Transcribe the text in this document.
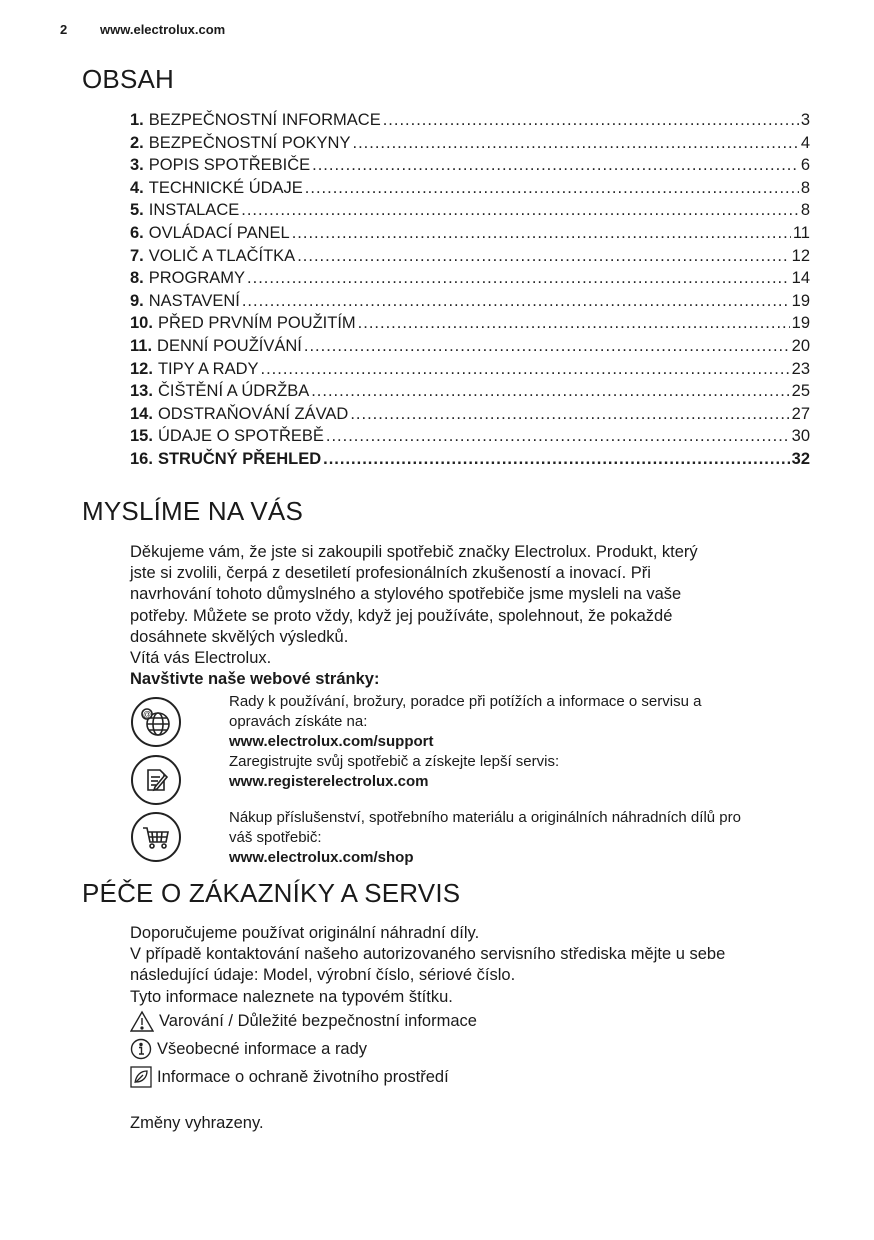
2	www.electrolux.com
OBSAH
1. BEZPEČNOSTNÍ INFORMACE .....	3
2. BEZPEČNOSTNÍ POKYNY .....	4
3. POPIS SPOTŘEBIČE .....	6
4. TECHNICKÉ ÚDAJE .....	8
5. INSTALACE .....	8
6. OVLÁDACÍ PANEL .....	11
7. VOLIČ A TLAČÍTKA .....	12
8. PROGRAMY .....	14
9. NASTAVENÍ .....	19
10. PŘED PRVNÍM POUŽITÍM .....	19
11. DENNÍ POUŽÍVÁNÍ .....	20
12. TIPY A RADY .....	23
13. ČIŠTĚNÍ A ÚDRŽBA .....	25
14. ODSTRAŇOVÁNÍ ZÁVAD .....	27
15. ÚDAJE O SPOTŘEBĚ .....	30
16. STRUČNÝ PŘEHLED .....	32
MYSLÍME NA VÁS
Děkujeme vám, že jste si zakoupili spotřebič značky Electrolux. Produkt, který
jste si zvolili, čerpá z desetiletí profesionálních zkušeností a inovací. Při
navrhování tohoto důmyslného a stylového spotřebiče jsme mysleli na vaše
potřeby. Můžete se proto vždy, když jej používáte, spolehnout, že pokaždé
dosáhnete skvělých výsledků.
Vítá vás Electrolux.
Navštivte naše webové stránky:
@
Rady k používání, brožury, poradce při potížích a informace o servisu a
opravách získáte na:
www.electrolux.com/support
Zaregistrujte svůj spotřebič a získejte lepší servis:
www.registerelectrolux.com
Nákup příslušenství, spotřebního materiálu a originálních náhradních dílů pro
váš spotřebič:
www.electrolux.com/shop
PÉČE O ZÁKAZNÍKY A SERVIS
Doporučujeme používat originální náhradní díly.
V případě kontaktování našeho autorizovaného servisního střediska mějte u sebe
následující údaje: Model, výrobní číslo, sériové číslo.
Tyto informace naleznete na typovém štítku.
Varování / Důležité bezpečnostní informace
Všeobecné informace a rady
Informace o ochraně životního prostředí
Změny vyhrazeny.
